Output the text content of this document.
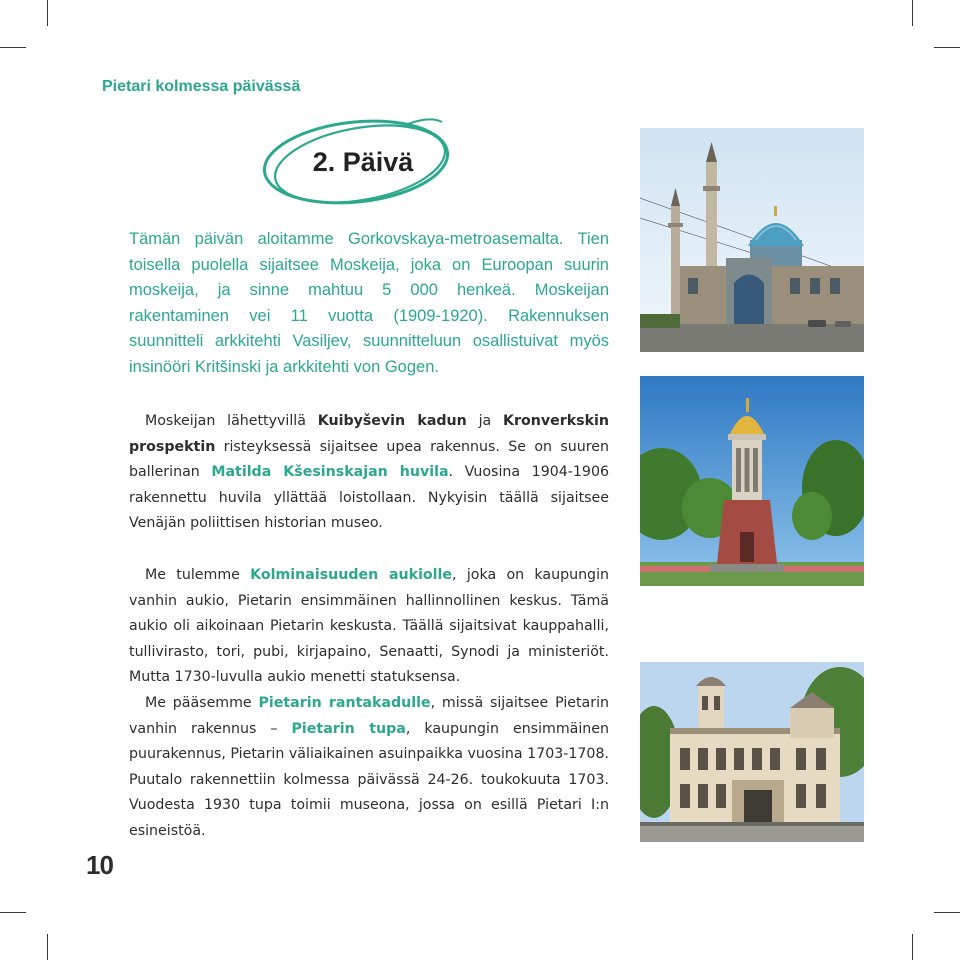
Pietari kolmessa päivässä
2. Päivä

Tämän päivän aloitamme Gorkovskaya-metroasemalta. Tien toisella puolella sijaitsee Moskeija, joka on Euroopan suurin moskeija, ja sinne mahtuu 5 000 henkeä. Moskeijan rakentaminen vei 11 vuotta (1909-1920). Rakennuksen suunnitteli arkkitehti Vasiljev, suunnitteluun osallistuivat myös insinööri Kritšinski ja arkkitehti von Gogen.

Moskeijan lähettyvillä Kuibyševin kadun ja Kronverkskin prospektin risteyksessä sijaitsee upea rakennus. Se on suuren ballerinan Matilda Kšesinskajan huvila. Vuosina 1904-1906 rakennettu huvila yllättää loistollaan. Nykyisin täällä sijaitsee Venäjän poliittisen historian museo.

Me tulemme Kolminaisuuden aukiolle, joka on kaupungin vanhin aukio, Pietarin ensimmäinen hallinnollinen keskus. Tämä aukio oli aikoinaan Pietarin keskusta. Täällä sijaitsivat kauppahalli, tullivirasto, tori, pubi, kirjapaino, Senaatti, Synodi ja ministeriöt. Mutta 1730-luvulla aukio menetti statuksensa.
Me pääsemme Pietarin rantakadulle, missä sijaitsee Pietarin vanhin rakennus – Pietarin tupa, kaupungin ensimmäinen puurakennus, Pietarin väliaikainen asuinpaikka vuosina 1703-1708. Puutalo rakennettiin kolmessa päivässä 24-26. toukokuuta 1703. Vuodesta 1930 tupa toimii museona, jossa on esillä Pietari I:n esineistöä.
10
